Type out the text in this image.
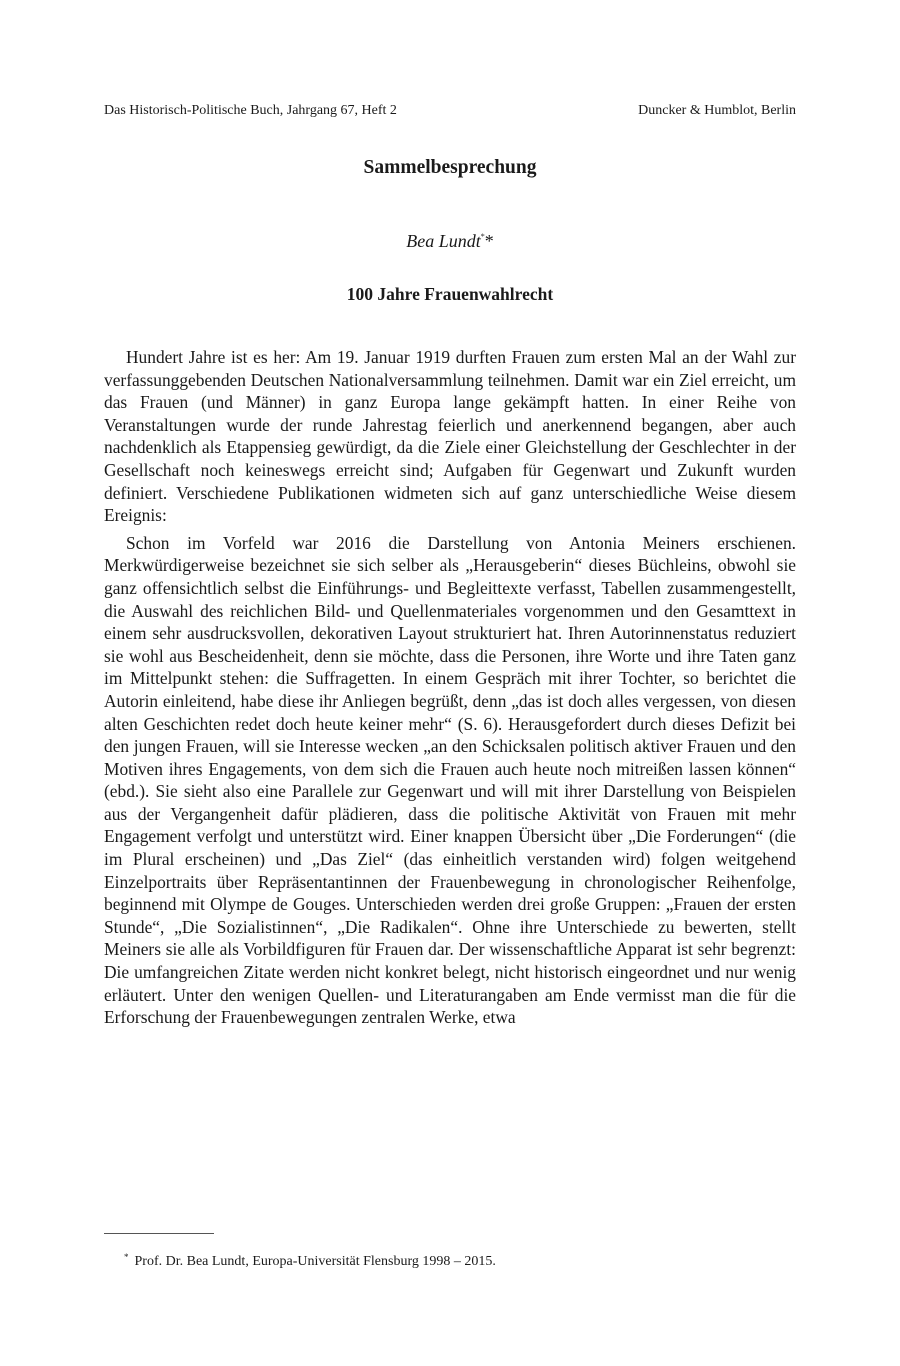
Das Historisch-Politische Buch, Jahrgang 67, Heft 2	Duncker & Humblot, Berlin
Sammelbesprechung
Bea Lundt**
100 Jahre Frauenwahlrecht

Hundert Jahre ist es her: Am 19. Januar 1919 durften Frauen zum ersten Mal an der Wahl zur verfassunggebenden Deutschen Nationalversammlung teilnehmen. Damit war ein Ziel erreicht, um das Frauen (und Männer) in ganz Europa lange gekämpft hatten. In einer Reihe von Veranstaltungen wurde der runde Jahrestag feierlich und anerkennend begangen, aber auch nachdenklich als Etappensieg gewürdigt, da die Ziele einer Gleichstellung der Geschlechter in der Gesellschaft noch keineswegs erreicht sind; Aufgaben für Gegenwart und Zukunft wurden definiert. Verschiedene Publikationen widmeten sich auf ganz unterschiedliche Weise diesem Ereignis:

Schon im Vorfeld war 2016 die Darstellung von Antonia Meiners erschienen. Merkwürdigerweise bezeichnet sie sich selber als „Herausgeberin“ dieses Büchleins, obwohl sie ganz offensichtlich selbst die Einführungs- und Begleittexte verfasst, Tabellen zusammengestellt, die Auswahl des reichlichen Bild- und Quellenmateriales vorgenommen und den Gesamttext in einem sehr ausdrucksvollen, dekorativen Layout strukturiert hat. Ihren Autorinnenstatus reduziert sie wohl aus Bescheidenheit, denn sie möchte, dass die Personen, ihre Worte und ihre Taten ganz im Mittelpunkt stehen: die Suffragetten. In einem Gespräch mit ihrer Tochter, so berichtet die Autorin einleitend, habe diese ihr Anliegen begrüßt, denn „das ist doch alles vergessen, von diesen alten Geschichten redet doch heute keiner mehr“ (S. 6). Herausgefordert durch dieses Defizit bei den jungen Frauen, will sie Interesse wecken „an den Schicksalen politisch aktiver Frauen und den Motiven ihres Engagements, von dem sich die Frauen auch heute noch mitreißen lassen können“ (ebd.). Sie sieht also eine Parallele zur Gegenwart und will mit ihrer Darstellung von Beispielen aus der Vergangenheit dafür plädieren, dass die politische Aktivität von Frauen mit mehr Engagement verfolgt und unterstützt wird. Einer knappen Übersicht über „Die Forderungen“ (die im Plural erscheinen) und „Das Ziel“ (das einheitlich verstanden wird) folgen weitgehend Einzelportraits über Repräsentantinnen der Frauenbewegung in chronologischer Reihenfolge, beginnend mit Olympe de Gouges. Unterschieden werden drei große Gruppen: „Frauen der ersten Stunde“, „Die Sozialistinnen“, „Die Radikalen“. Ohne ihre Unterschiede zu bewerten, stellt Meiners sie alle als Vorbildfiguren für Frauen dar. Der wissenschaftliche Apparat ist sehr begrenzt: Die umfangreichen Zitate werden nicht konkret belegt, nicht historisch eingeordnet und nur wenig erläutert. Unter den wenigen Quellen- und Literaturangaben am Ende vermisst man die für die Erforschung der Frauenbewegungen zentralen Werke, etwa

* Prof. Dr. Bea Lundt, Europa-Universität Flensburg 1998 – 2015.
